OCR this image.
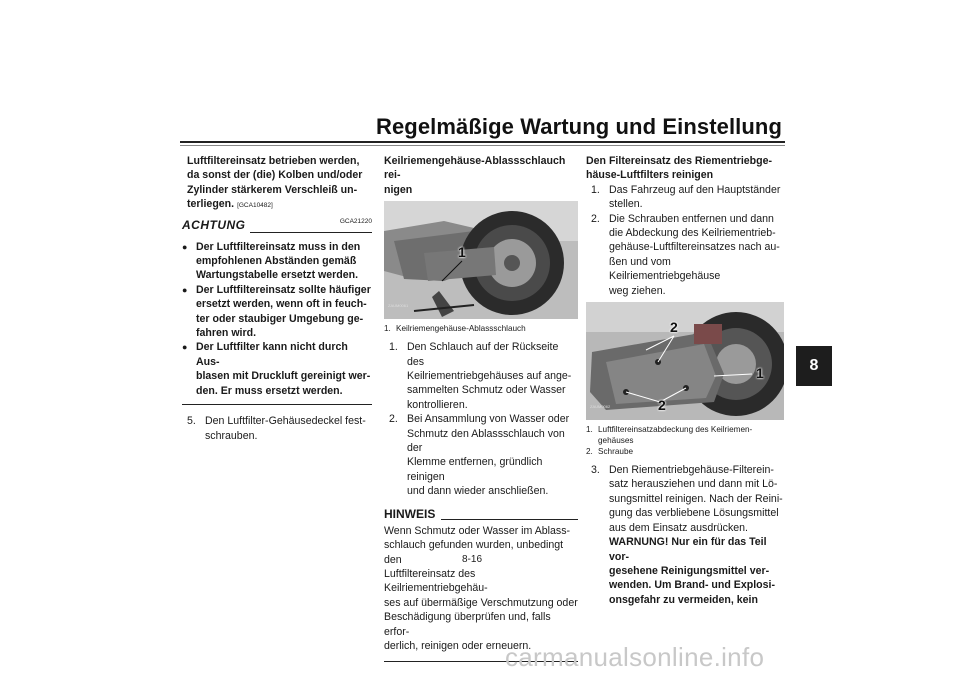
Regelmäßige Wartung und Einstellung
8
Luftfiltereinsatz betrieben werden,
da sonst der (die) Kolben und/oder
Zylinder stärkerem Verschleiß un-
terliegen. [GCA10482]
ACHTUNG	GCA21220
● Der Luftfiltereinsatz muss in den
empfohlenen Abständen gemäß
Wartungstabelle ersetzt werden.
● Der Luftfiltereinsatz sollte häufiger
ersetzt werden, wenn oft in feuch-
ter oder staubiger Umgebung ge-
fahren wird.
● Der Luftfilter kann nicht durch Aus-
blasen mit Druckluft gereinigt wer-
den. Er muss ersetzt werden.
5. Den Luftfilter-Gehäusedeckel fest-
schrauben.
Keilriemengehäuse-Ablassschlauch rei-
nigen
1
ZAUM0061
1. Keilriemengehäuse-Ablassschlauch
1. Den Schlauch auf der Rückseite des
Keilriementriebgehäuses auf ange-
sammelten Schmutz oder Wasser
kontrollieren.
2. Bei Ansammlung von Wasser oder
Schmutz den Ablassschlauch von der
Klemme entfernen, gründlich reinigen
und dann wieder anschließen.
HINWEIS
Wenn Schmutz oder Wasser im Ablass-
schlauch gefunden wurden, unbedingt den
Luftfiltereinsatz des Keilriementriebgehäu-
ses auf übermäßige Verschmutzung oder
Beschädigung überprüfen und, falls erfor-
derlich, reinigen oder erneuern.
Den Filtereinsatz des Riementriebge-
häuse-Luftfilters reinigen
1. Das Fahrzeug auf den Hauptständer
stellen.
2. Die Schrauben entfernen und dann
die Abdeckung des Keilriementrieb-
gehäuse-Luftfiltereinsatzes nach au-
ßen und vom Keilriementriebgehäuse
weg ziehen.
2
1
2
ZAUM0062
1. Luftfiltereinsatzabdeckung des Keilriemen-
gehäuses
2. Schraube
3. Den Riementriebgehäuse-Filterein-
satz herausziehen und dann mit Lö-
sungsmittel reinigen. Nach der Reini-
gung das verbliebene Lösungsmittel
aus dem Einsatz ausdrücken.
WARNUNG! Nur ein für das Teil vor-
gesehene Reinigungsmittel ver-
wenden. Um Brand- und Explosi-
onsgefahr zu vermeiden, kein
8-16
carmanualsonline.info
